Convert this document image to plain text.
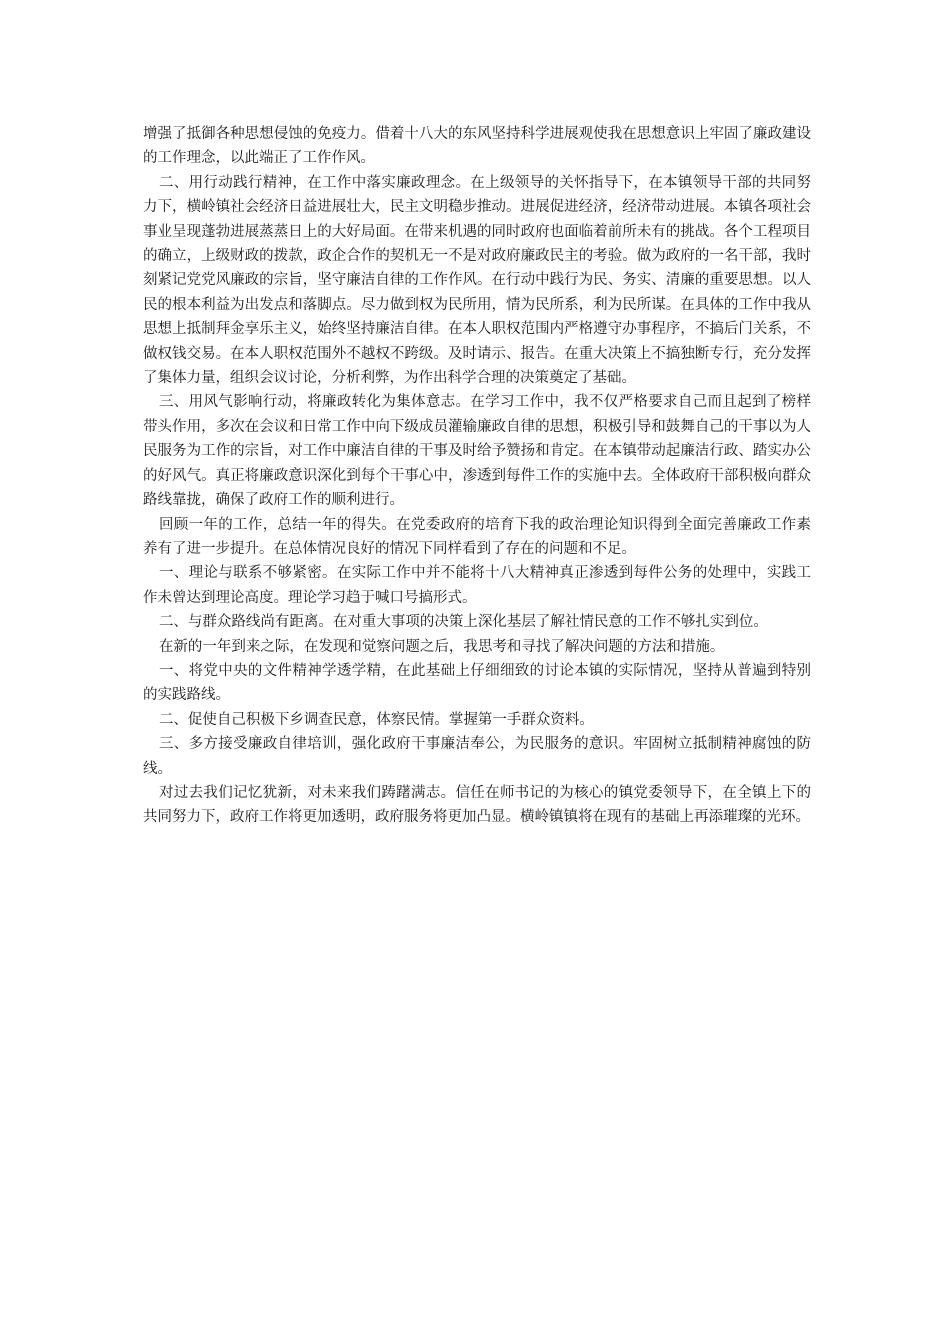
增强了抵御各种思想侵蚀的免疫力。借着十八大的东风坚持科学进展观使我在思想意识上牢固了廉政建设的工作理念，以此端正了工作作风。

二、用行动践行精神，在工作中落实廉政理念。在上级领导的关怀指导下，在本镇领导干部的共同努力下，横岭镇社会经济日益进展壮大，民主文明稳步推动。进展促进经济，经济带动进展。本镇各项社会事业呈现蓬勃进展蒸蒸日上的大好局面。在带来机遇的同时政府也面临着前所未有的挑战。各个工程项目的确立，上级财政的拨款，政企合作的契机无一不是对政府廉政民主的考验。做为政府的一名干部，我时刻紧记党党风廉政的宗旨，坚守廉洁自律的工作作风。在行动中践行为民、务实、清廉的重要思想。以人民的根本利益为出发点和落脚点。尽力做到权为民所用，情为民所系，利为民所谋。在具体的工作中我从思想上抵制拜金享乐主义，始终坚持廉洁自律。在本人职权范围内严格遵守办事程序，不搞后门关系，不做权钱交易。在本人职权范围外不越权不跨级。及时请示、报告。在重大决策上不搞独断专行，充分发挥了集体力量，组织会议讨论，分析利弊，为作出科学合理的决策奠定了基础。

三、用风气影响行动，将廉政转化为集体意志。在学习工作中，我不仅严格要求自己而且起到了榜样带头作用，多次在会议和日常工作中向下级成员灌输廉政自律的思想，积极引导和鼓舞自己的干事以为人民服务为工作的宗旨，对工作中廉洁自律的干事及时给予赞扬和肯定。在本镇带动起廉洁行政、踏实办公的好风气。真正将廉政意识深化到每个干事心中，渗透到每件工作的实施中去。全体政府干部积极向群众路线靠拢，确保了政府工作的顺利进行。

回顾一年的工作，总结一年的得失。在党委政府的培育下我的政治理论知识得到全面完善廉政工作素养有了进一步提升。在总体情况良好的情况下同样看到了存在的问题和不足。

一、理论与联系不够紧密。在实际工作中并不能将十八大精神真正渗透到每件公务的处理中，实践工作未曾达到理论高度。理论学习趋于喊口号搞形式。

二、与群众路线尚有距离。在对重大事项的决策上深化基层了解社情民意的工作不够扎实到位。

在新的一年到来之际，在发现和觉察问题之后，我思考和寻找了解决问题的方法和措施。

一、将党中央的文件精神学透学精，在此基础上仔细细致的讨论本镇的实际情况，坚持从普遍到特别的实践路线。

二、促使自己积极下乡调查民意，体察民情。掌握第一手群众资料。

三、多方接受廉政自律培训，强化政府干事廉洁奉公，为民服务的意识。牢固树立抵制精神腐蚀的防线。

对过去我们记忆犹新，对未来我们踌躇满志。信任在师书记的为核心的镇党委领导下，在全镇上下的共同努力下，政府工作将更加透明，政府服务将更加凸显。横岭镇镇将在现有的基础上再添璀璨的光环。
